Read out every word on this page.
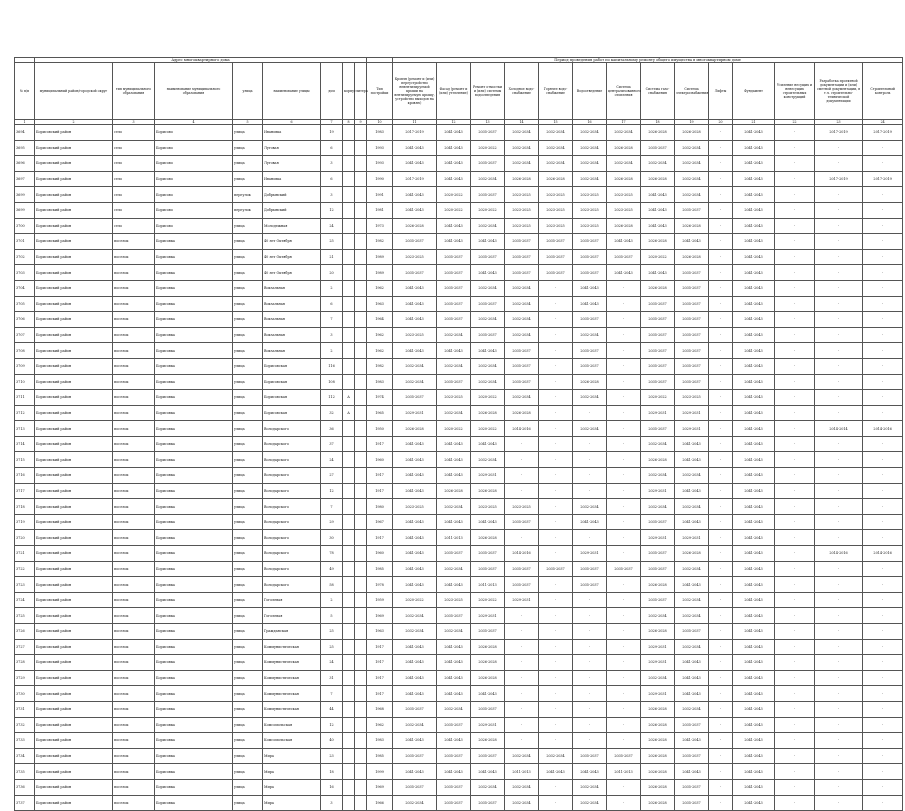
	Адрес многоквартирного дома									Период проведения работ по капитальному ремонту общего имущества в многоквартирном доме													
№ п/п	муниципальный район/городской округ	тип муниципального образования	наименование муниципального образования	улица	наименование улицы	дом	корпус	литера	Тип постройки	Кровля (ремонт и (или) переустройство невентилируемой крыши на вентилируемую крышу, устройство выходов на кровлю)	Фасад (ремонт и (или) утепление)	Ремонт отмостки и (или) системы водоотведения	Холодное водо-снабжение	Горячее водо-снабжение	Водоотведение	Система централизованного отопления	Система газо-снабжения	Система электроснабжения	Лифты	Фундамент	Усиление несущих и ненесущих строительных конструкций	Разработка проектной документации и (или) сметной документации, в т.ч. строительно-технической документации	Строительный контроль
1	2	3	4	5	6	7	8	9	10	11	12	13	14	15	16	17	18	19	20	21	22	23	24
3694	Борисовский район	село	Борисово	улица	Ивановка	19			1983	2017-2019	2041-2043	2035-2037	2032-2034	2032-2034	2032-2034	2032-2034	2026-2028	2026-2028	-	2041-2043	-	2017-2019	2017-2019
3695	Борисовский район	село	Борисово	улица	Луговая	6			1993	2041-2043	2041-2043	2020-2022	2032-2034	2032-2034	2032-2034	2026-2028	2035-2037	2032-2034	-	2041-2043	-	-	-
3696	Борисовский район	село	Борисово	улица	Луговая	3			1993	2041-2043	2041-2043	2035-2037	2032-2034	2032-2034	2032-2034	2032-2034	2032-2034	2032-2034	-	2041-2043	-	-	-
3697	Борисовский район	село	Борисово	улица	Ивановка	6			1990	2017-2019	2041-2043	2032-2034	2026-2028	2026-2028	2032-2034	2026-2028	2026-2028	2032-2034	-	2041-2043	-	2017-2019	2017-2019
3699	Борисовский район	село	Борисово	переулок	Добрынский	3			1991	2041-2043	2020-2022	2035-2037	2023-2025	2023-2025	2023-2025	2023-2025	2041-2043	2032-2034	-	2041-2043	-	-	-
3699	Борисовский район	село	Борисово	переулок	Добрынский	12			1981	2041-2043	2020-2022	2020-2022	2023-2025	2023-2025	2023-2025	2023-2025	2041-2043	2035-2037	-	2041-2043	-	-	-
3700	Борисовский район	село	Борисово	улица	Молодежная	24			1973	2026-2028	2041-2043	2032-2034	2023-2025	2023-2025	2023-2025	2026-2028	2041-2043	2026-2028	-	2041-2043	-	-	-
3701	Борисовский район	поселок	Борисовка	улица	40 лет Октября	25			1982	2035-2037	2041-2043	2041-2043	2035-2037	2035-2037	2035-2037	2041-2043	2026-2028	2041-2043	-	2041-2043	-	-	-
3702	Борисовский район	поселок	Борисовка	улица	40 лет Октября	21			1989	2023-2025	2035-2037	2035-2037	2035-2037	2035-2037	2035-2037	2035-2037	2020-2022	2026-2028	-	2041-2043	-	-	-
3703	Борисовский район	поселок	Борисовка	улица	40 лет Октября	20			1989	2035-2037	2035-2037	2041-2043	2035-2037	2035-2037	2035-2037	2041-2043	2041-2043	2035-2037	-	2041-2043	-	-	-
3704	Борисовский район	поселок	Борисовка	улица	Вокзальная	2			1962	2041-2043	2035-2037	2032-2034	2032-2034	-	2041-2043	-	2026-2028	2035-2037	-	2041-2043	-	-	-
3705	Борисовский район	поселок	Борисовка	улица	Вокзальная	6			1963	2041-2043	2035-2037	2035-2037	2032-2034	-	2041-2043	-	2035-2037	2035-2037	-	2041-2043	-	-	-
3706	Борисовский район	поселок	Борисовка	улица	Вокзальная	7			1964	2041-2043	2035-2037	2032-2034	2032-2034	-	2035-2037	-	2035-2037	2035-2037	-	2041-2043	-	-	-
3707	Борисовский район	поселок	Борисовка	улица	Вокзальная	3			1962	2023-2025	2032-2034	2035-2037	2032-2034	-	2032-2034	-	2035-2037	2035-2037	-	2041-2043	-	-	-
3708	Борисовский район	поселок	Борисовка	улица	Вокзальная	2			1962	2041-2043	2041-2043	2041-2043	2035-2037	-	2035-2037	-	2035-2037	2035-2037	-	2041-2043	-	-	-
3709	Борисовский район	поселок	Борисовка	улица	Борисовская	116			1982	2032-2034	2032-2034	2032-2034	2035-2037	-	2035-2037	-	2035-2037	2035-2037	-	2041-2043	-	-	-
3710	Борисовский район	поселок	Борисовка	улица	Борисовская	108			1983	2032-2034	2035-2037	2032-2034	2035-2037	-	2026-2028	-	2035-2037	2035-2037	-	2041-2043	-	-	-
3711	Борисовский район	поселок	Борисовка	улица	Борисовская	112	А		1974	2035-2037	2023-2025	2020-2022	2032-2034	-	2032-2034	-	2020-2022	2023-2025	-	2041-2043	-	-	-
3712	Борисовский район	поселок	Борисовка	улица	Борисовская	32	А		1965	2029-2031	2032-2034	2026-2028	2026-2028	-	-	-	2029-2031	2029-2031	-	2041-2043	-	-	-
3713	Борисовский район	поселок	Борисовка	улица	Володарского	36			1950	2026-2028	2020-2022	2020-2022	2014-2016	-	2032-2034	-	2035-2037	2029-2031	-	2041-2043	-	2014-2014	2014-2016
3714	Борисовский район	поселок	Борисовка	улица	Володарского	37			1917	2041-2043	2041-2043	2041-2043	-	-	-	-	2032-2034	2041-2043	-	2041-2043	-	-	-
3715	Борисовский район	поселок	Борисовка	улица	Володарского	24			1960	2041-2043	2041-2043	2032-2034	-	-	-	-	2026-2028	2041-2043	-	2041-2043	-	-	-
3716	Борисовский район	поселок	Борисовка	улица	Володарского	27			1917	2041-2043	2041-2043	2029-2031	-	-	-	-	2032-2034	2032-2034	-	2041-2043	-	-	-
3717	Борисовский район	поселок	Борисовка	улица	Володарского	12			1917	2041-2043	2026-2028	2026-2028	-	-	-	-	2029-2031	2041-2043	-	2041-2043	-	-	-
3718	Борисовский район	поселок	Борисовка	улица	Володарского	7			1980	2023-2025	2032-2034	2023-2025	2023-2025	-	2032-2034	-	2032-2034	2032-2034	-	2041-2043	-	-	-
3719	Борисовский район	поселок	Борисовка	улица	Володарского	29			1967	2041-2043	2041-2043	2041-2043	2035-2037	-	2041-2043	-	2035-2037	2041-2043	-	2041-2043	-	-	-
3720	Борисовский район	поселок	Борисовка	улица	Володарского	30			1917	2041-2043	2011-2013	2026-2028	-	-	-	-	2029-2031	2029-2031	-	2041-2043	-	-	-
3721	Борисовский район	поселок	Борисовка	улица	Володарского	78			1960	2041-2043	2035-2037	2035-2037	2014-2016	-	2029-2031	-	2035-2037	2026-2028	-	2041-2043	-	2014-2016	2014-2016
3722	Борисовский район	поселок	Борисовка	улица	Володарского	49			1985	2041-2043	2032-2034	2035-2037	2035-2037	2035-2037	2035-2037	2035-2037	2035-2037	2032-2034	-	2041-2043	-	-	-
3723	Борисовский район	поселок	Борисовка	улица	Володарского	58			1978	2041-2043	2041-2043	2011-2013	2035-2037	-	2035-2037	-	2026-2028	2041-2043	-	2041-2043	-	-	-
3724	Борисовский район	поселок	Борисовка	улица	Гоголевая	2			1959	2020-2022	2023-2025	2020-2022	2029-2031	-	-	-	2035-2037	2032-2034	-	2041-2043	-	-	-
3725	Борисовский район	поселок	Борисовка	улица	Гоголевая	5			1969	2032-2034	2035-2037	2029-2031	-	-	-	-	2032-2034	2032-2034	-	2041-2043	-	-	-
3726	Борисовский район	поселок	Борисовка	улица	Гражданская	25			1963	2032-2034	2032-2034	2035-2037	-	-	-	-	2026-2028	2035-2037	-	2041-2043	-	-	-
3727	Борисовский район	поселок	Борисовка	улица	Коммунистическая	25			1917	2041-2043	2041-2043	2026-2028	-	-	-	-	2029-2031	2032-2034	-	2041-2043	-	-	-
3728	Борисовский район	поселок	Борисовка	улица	Коммунистическая	24			1917	2041-2043	2041-2043	2026-2028	-	-	-	-	2029-2031	2041-2043	-	2041-2043	-	-	-
3729	Борисовский район	поселок	Борисовка	улица	Коммунистическая	31			1917	2041-2043	2041-2043	2026-2028	-	-	-	-	2032-2034	2041-2043	-	2041-2043	-	-	-
3730	Борисовский район	поселок	Борисовка	улица	Коммунистическая	7			1917	2041-2043	2041-2043	2041-2043	-	-	-	-	2029-2031	2041-2043	-	2041-2043	-	-	-
3731	Борисовский район	поселок	Борисовка	улица	Коммунистическая	44			1968	2035-2037	2032-2034	2035-2037	-	-	-	-	2026-2028	2032-2034	-	2041-2043	-	-	-
3732	Борисовский район	поселок	Борисовка	улица	Комсомольская	12			1962	2032-2034	2035-2037	2029-2031	-	-	-	-	2026-2028	2035-2037	-	2041-2043	-	-	-
3733	Борисовский район	поселок	Борисовка	улица	Комсомольская	40			1983	2041-2043	2041-2043	2026-2028	-	-	-	-	2026-2028	2041-2043	-	2041-2043	-	-	-
3734	Борисовский район	поселок	Борисовка	улица	Мира	23			1985	2035-2037	2035-2037	2035-2037	2032-2034	2032-2034	2035-2037	2035-2037	2026-2028	2035-2037	-	2041-2043	-	-	-
3735	Борисовский район	поселок	Борисовка	улица	Мира	18			1999	2041-2043	2041-2043	2041-2043	2011-2013	2041-2043	2041-2043	2011-2013	2026-2028	2041-2043	-	2041-2043	-	-	-
3736	Борисовский район	поселок	Борисовка	улица	Мира	16			1969	2035-2037	2035-2037	2032-2034	2032-2034	-	2032-2034	-	2026-2028	2035-2037	-	2041-2043	-	-	-
3737	Борисовский район	поселок	Борисовка	улица	Мира	3			1966	2032-2034	2035-2037	2035-2037	2032-2034	-	2032-2034	-	2026-2028	2035-2037	-	2041-2043	-	-	-
